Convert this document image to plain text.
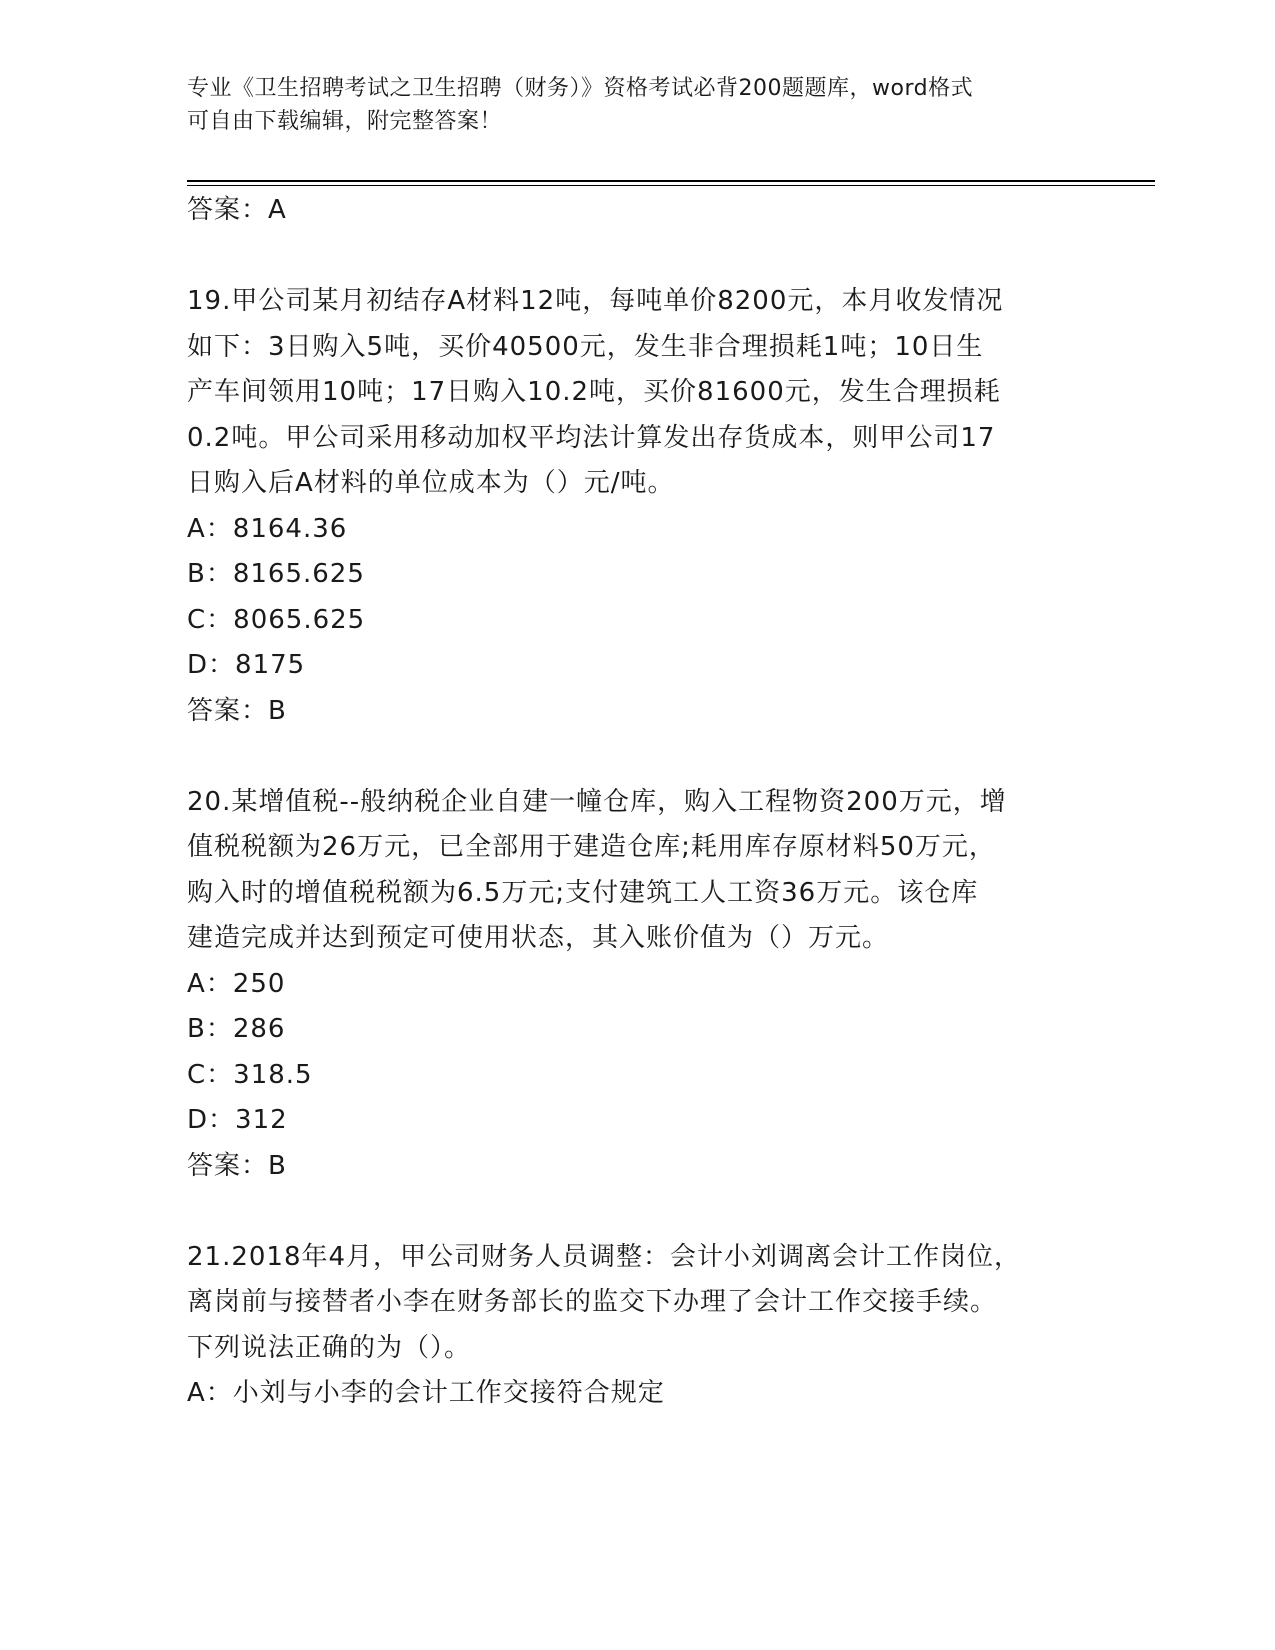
专业《卫生招聘考试之卫生招聘（财务）》资格考试必背200题题库，word格式
可自由下载编辑，附完整答案！

答案：A

19.甲公司某月初结存A材料12吨，每吨单价8200元，本月收发情况

如下：3日购入5吨，买价40500元，发生非合理损耗1吨；10日生

产车间领用10吨；17日购入10.2吨，买价81600元，发生合理损耗

0.2吨。甲公司采用移动加权平均法计算发出存货成本，则甲公司17

日购入后A材料的单位成本为（）元/吨。

A：8164.36

B：8165.625

C：8065.625

D：8175

答案：B

20.某增值税--般纳税企业自建一幢仓库，购入工程物资200万元，增

值税税额为26万元，已全部用于建造仓库;耗用库存原材料50万元，

购入时的增值税税额为6.5万元;支付建筑工人工资36万元。该仓库

建造完成并达到预定可使用状态，其入账价值为（）万元。

A：250

B：286

C：318.5

D：312

答案：B

21.2018年4月，甲公司财务人员调整：会计小刘调离会计工作岗位，

离岗前与接替者小李在财务部长的监交下办理了会计工作交接手续。

下列说法正确的为（）。

A：小刘与小李的会计工作交接符合规定
